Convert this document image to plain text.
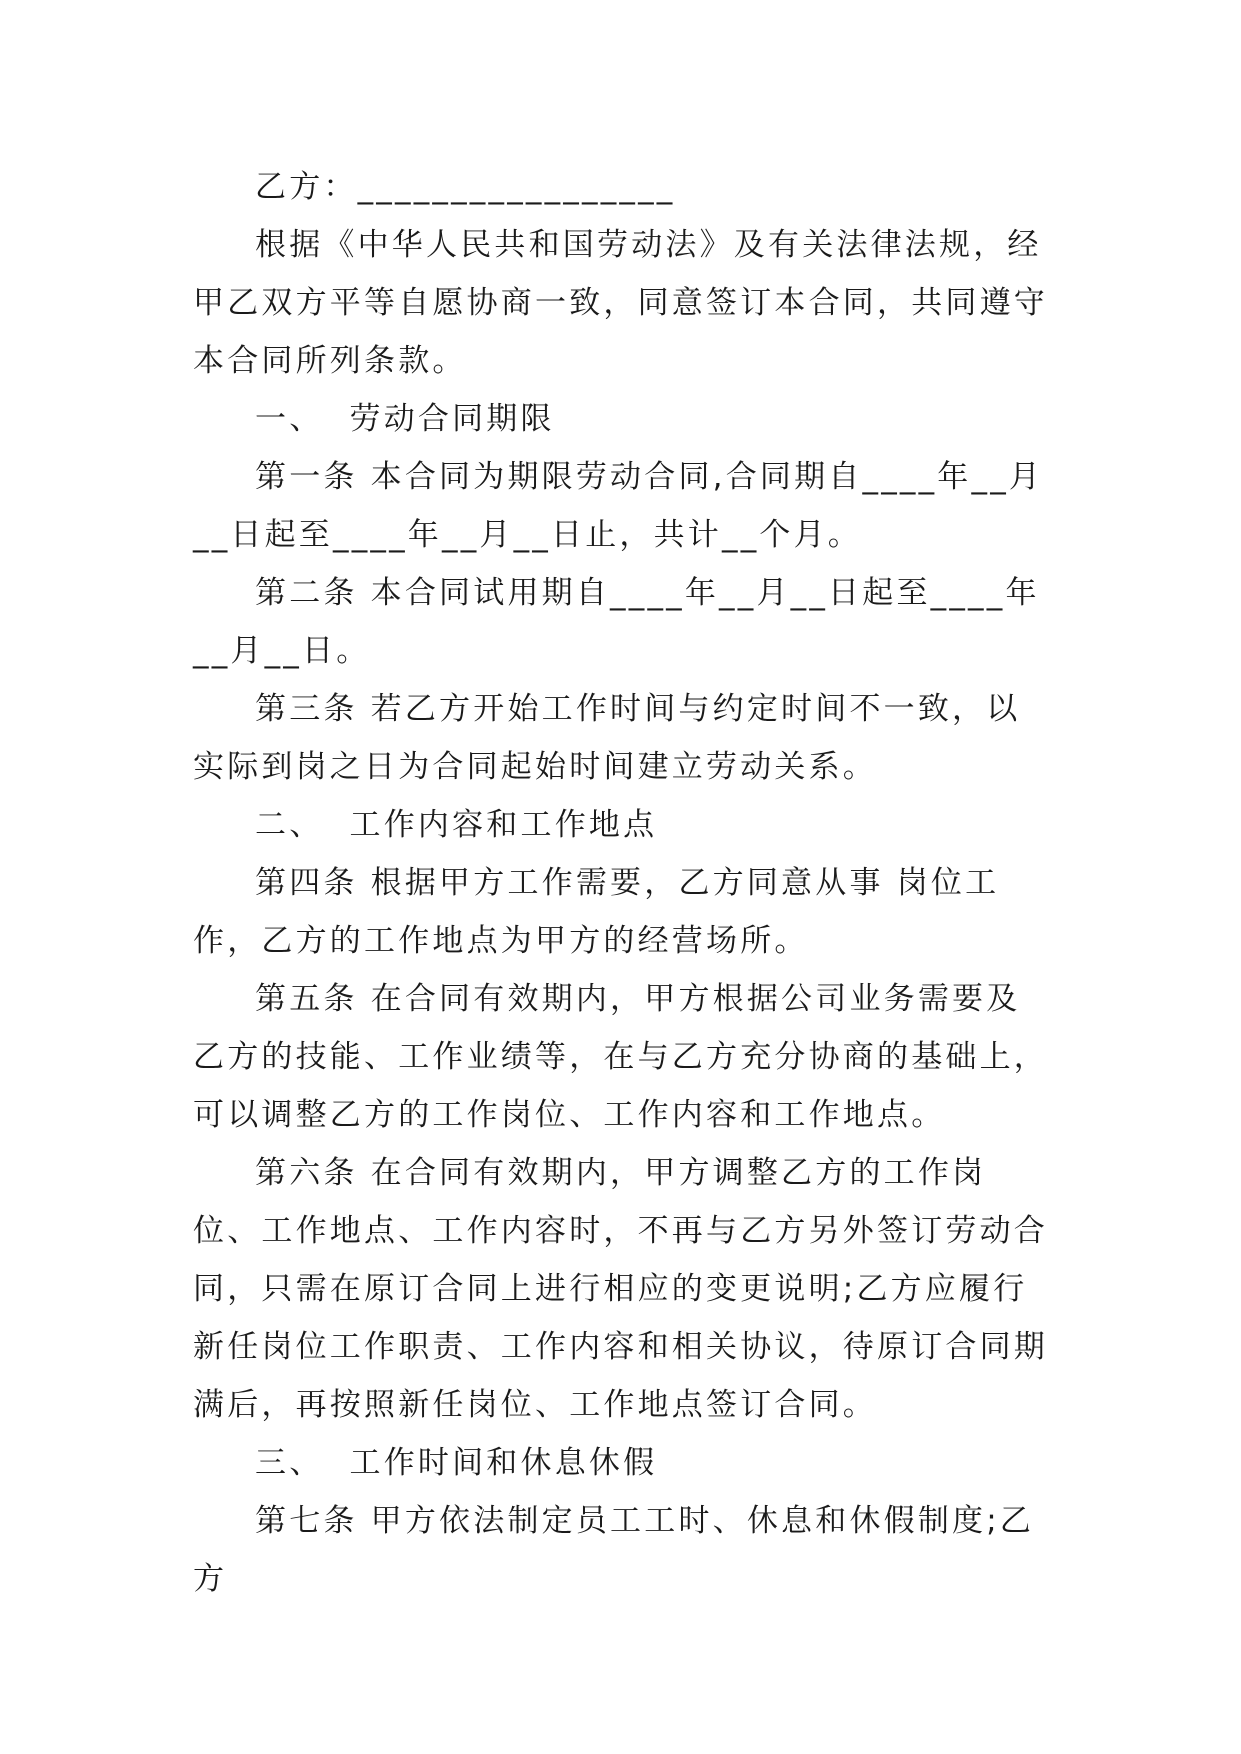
乙方：_________________

根据《中华人民共和国劳动法》及有关法律法规，经甲乙双方平等自愿协商一致，同意签订本合同，共同遵守本合同所列条款。

一、  劳动合同期限

第一条 本合同为期限劳动合同,合同期自____年__月__日起至____年__月__日止，共计__个月。

第二条 本合同试用期自____年__月__日起至____年__月__日。

第三条 若乙方开始工作时间与约定时间不一致，以实际到岗之日为合同起始时间建立劳动关系。

二、  工作内容和工作地点

第四条 根据甲方工作需要，乙方同意从事 岗位工作，乙方的工作地点为甲方的经营场所。

第五条 在合同有效期内，甲方根据公司业务需要及乙方的技能、工作业绩等，在与乙方充分协商的基础上，可以调整乙方的工作岗位、工作内容和工作地点。

第六条 在合同有效期内，甲方调整乙方的工作岗位、工作地点、工作内容时，不再与乙方另外签订劳动合同，只需在原订合同上进行相应的变更说明;乙方应履行新任岗位工作职责、工作内容和相关协议，待原订合同期满后，再按照新任岗位、工作地点签订合同。

三、  工作时间和休息休假

第七条 甲方依法制定员工工时、休息和休假制度;乙方
